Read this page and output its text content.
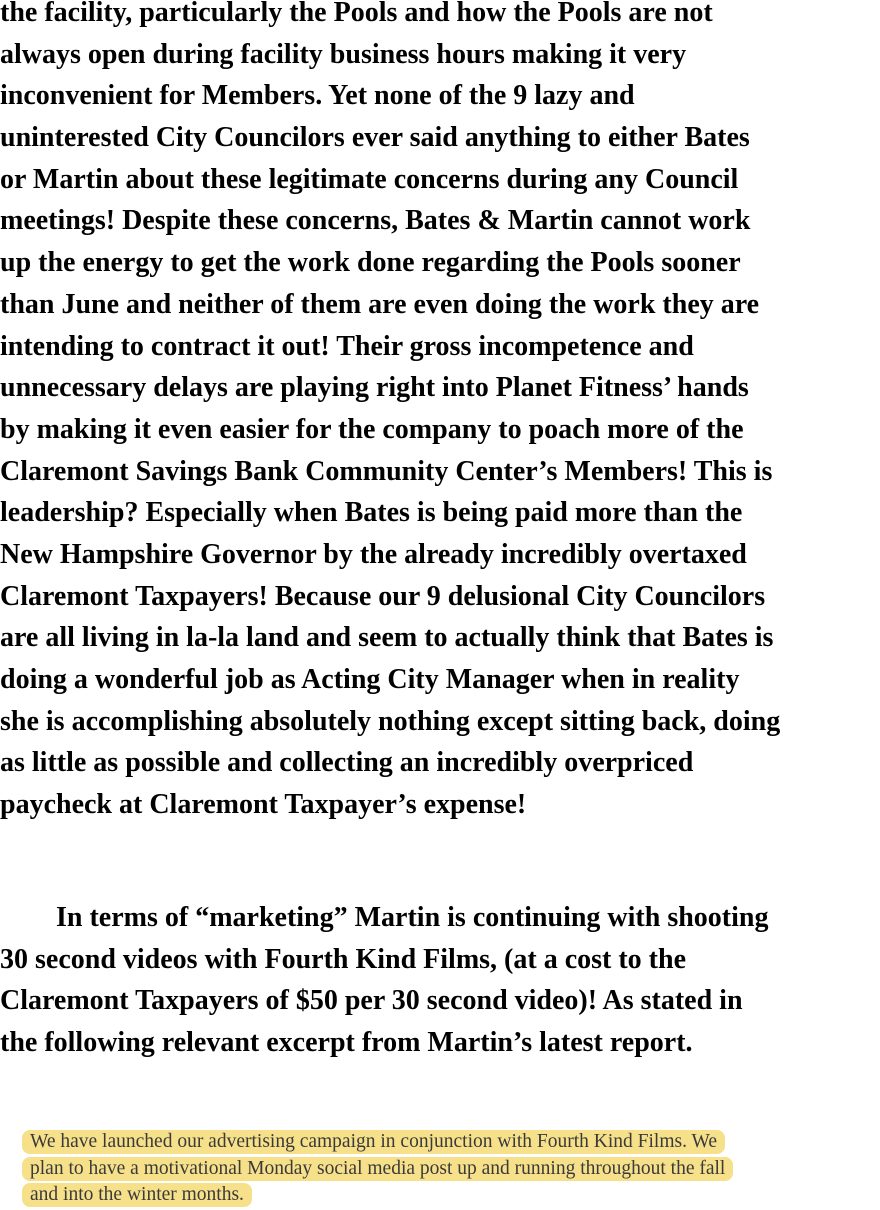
the facility, particularly the Pools and how the Pools are not
always open during facility business hours making it very
inconvenient for Members. Yet none of the 9 lazy and
uninterested City Councilors ever said anything to either Bates
or Martin about these legitimate concerns during any Council
meetings! Despite these concerns, Bates & Martin cannot work
up the energy to get the work done regarding the Pools sooner
than June and neither of them are even doing the work they are
intending to contract it out! Their gross incompetence and
unnecessary delays are playing right into Planet Fitness’ hands
by making it even easier for the company to poach more of the
Claremont Savings Bank Community Center’s Members! This is
leadership? Especially when Bates is being paid more than the
New Hampshire Governor by the already incredibly overtaxed
Claremont Taxpayers! Because our 9 delusional City Councilors
are all living in la-la land and seem to actually think that Bates is
doing a wonderful job as Acting City Manager when in reality
she is accomplishing absolutely nothing except sitting back, doing
as little as possible and collecting an incredibly overpriced
paycheck at Claremont Taxpayer’s expense!
In terms of “marketing” Martin is continuing with shooting
30 second videos with Fourth Kind Films, (at a cost to the
Claremont Taxpayers of $50 per 30 second video)! As stated in
the following relevant excerpt from Martin’s latest report.
We have launched our advertising campaign in conjunction with Fourth Kind Films. We
plan to have a motivational Monday social media post up and running throughout the fall
and into the winter months.
